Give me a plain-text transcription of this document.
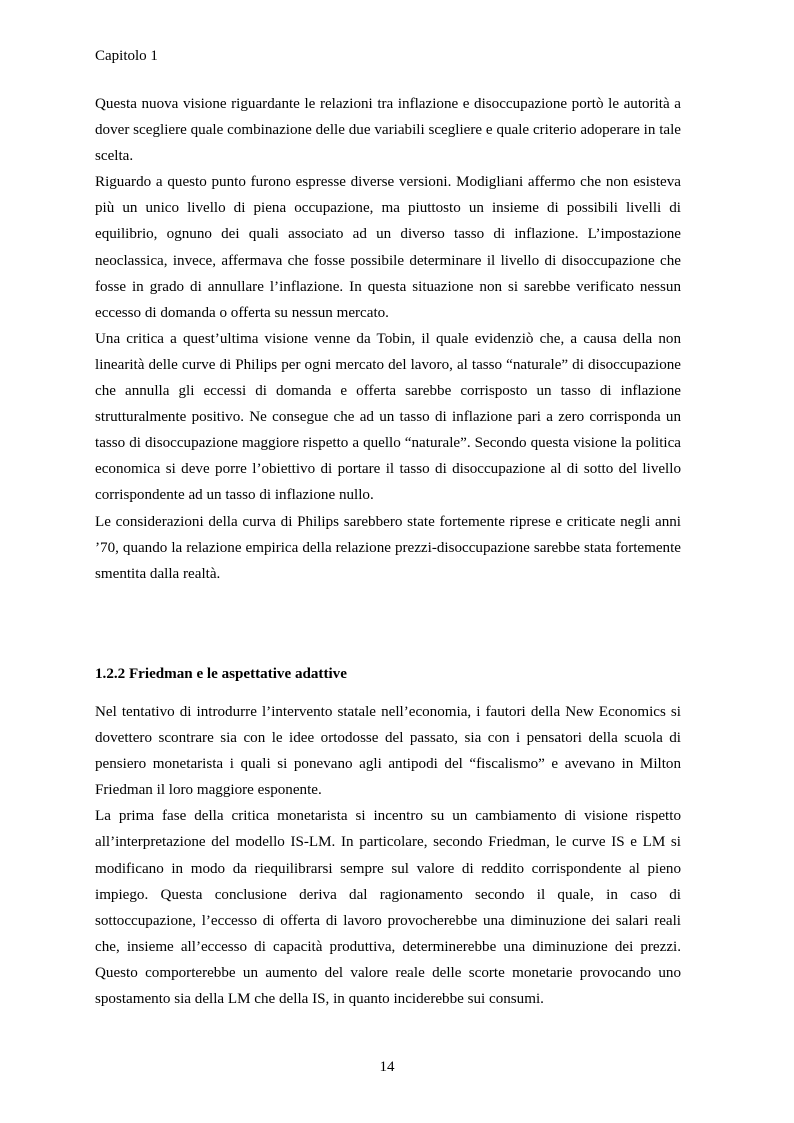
Capitolo 1

Questa nuova visione riguardante le relazioni tra inflazione e disoccupazione portò le autorità a dover scegliere quale combinazione delle due variabili scegliere e quale criterio adoperare in tale scelta.

Riguardo a questo punto furono espresse diverse versioni. Modigliani affermo che non esisteva più un unico livello di piena occupazione, ma piuttosto un insieme di possibili livelli di equilibrio, ognuno dei quali associato ad un diverso tasso di inflazione. L’impostazione neoclassica, invece, affermava che fosse possibile determinare il livello di disoccupazione che fosse in grado di annullare l’inflazione. In questa situazione non si sarebbe verificato nessun eccesso di domanda o offerta su nessun mercato.

Una critica a quest’ultima visione venne da Tobin, il quale evidenziò che, a causa della non linearità delle curve di Philips per ogni mercato del lavoro, al tasso “naturale” di disoccupazione che annulla gli eccessi di domanda e offerta sarebbe corrisposto un tasso di inflazione strutturalmente positivo. Ne consegue che ad un tasso di inflazione pari a zero corrisponda un tasso di disoccupazione maggiore rispetto a quello “naturale”. Secondo questa visione la politica economica si deve porre l’obiettivo di portare il tasso di disoccupazione al di sotto del livello corrispondente ad un tasso di inflazione nullo.

Le considerazioni della curva di Philips sarebbero state fortemente riprese e criticate negli anni ’70, quando la relazione empirica della relazione prezzi-disoccupazione sarebbe stata fortemente smentita dalla realtà.

1.2.2 Friedman e le aspettative adattive

Nel tentativo di introdurre l’intervento statale nell’economia, i fautori della New Economics si dovettero scontrare sia con le idee ortodosse del passato, sia con i pensatori della scuola di pensiero monetarista i quali si ponevano agli antipodi del “fiscalismo” e avevano in Milton Friedman il loro maggiore esponente.

La prima fase della critica monetarista si incentro su un cambiamento di visione rispetto all’interpretazione del modello IS-LM. In particolare, secondo Friedman, le curve IS e LM si modificano in modo da riequilibrarsi sempre sul valore di reddito corrispondente al pieno impiego. Questa conclusione deriva dal ragionamento secondo il quale, in caso di sottoccupazione, l’eccesso di offerta di lavoro provocherebbe una diminuzione dei salari reali che, insieme all’eccesso di capacità produttiva, determinerebbe una diminuzione dei prezzi. Questo comporterebbe un aumento del valore reale delle scorte monetarie provocando uno spostamento sia della LM che della IS, in quanto inciderebbe sui consumi.

14
